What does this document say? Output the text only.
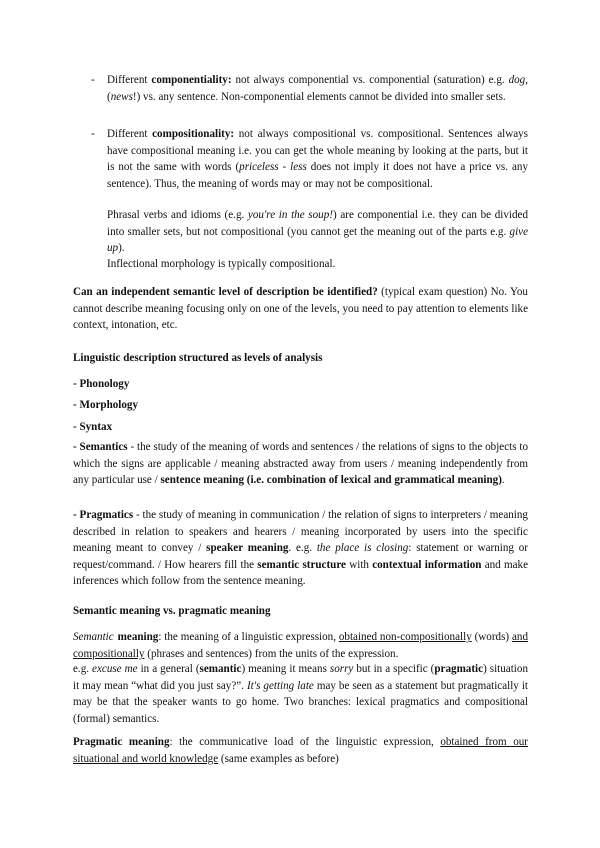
- Different componentiality: not always componential vs. componential (saturation) e.g. dog, (news!) vs. any sentence. Non-componential elements cannot be divided into smaller sets.
- Different compositionality: not always compositional vs. compositional. Sentences always have compositional meaning i.e. you can get the whole meaning by looking at the parts, but it is not the same with words (priceless - less does not imply it does not have a price vs. any sentence). Thus, the meaning of words may or may not be compositional.
Phrasal verbs and idioms (e.g. you're in the soup!) are componential i.e. they can be divided into smaller sets, but not compositional (you cannot get the meaning out of the parts e.g. give up).
Inflectional morphology is typically compositional.
Can an independent semantic level of description be identified? (typical exam question) No. You cannot describe meaning focusing only on one of the levels, you need to pay attention to elements like context, intonation, etc.
Linguistic description structured as levels of analysis
- Phonology
- Morphology
- Syntax
- Semantics - the study of the meaning of words and sentences / the relations of signs to the objects to which the signs are applicable / meaning abstracted away from users / meaning independently from any particular use / sentence meaning (i.e. combination of lexical and grammatical meaning).
- Pragmatics - the study of meaning in communication / the relation of signs to interpreters / meaning described in relation to speakers and hearers / meaning incorporated by users into the specific meaning meant to convey / speaker meaning. e.g. the place is closing: statement or warning or request/command. / How hearers fill the semantic structure with contextual information and make inferences which follow from the sentence meaning.
Semantic meaning vs. pragmatic meaning
Semantic meaning: the meaning of a linguistic expression, obtained non-compositionally (words) and compositionally (phrases and sentences) from the units of the expression.
e.g. excuse me in a general (semantic) meaning it means sorry but in a specific (pragmatic) situation it may mean “what did you just say?”. It's getting late may be seen as a statement but pragmatically it may be that the speaker wants to go home. Two branches: lexical pragmatics and compositional (formal) semantics.
Pragmatic meaning: the communicative load of the linguistic expression, obtained from our situational and world knowledge (same examples as before)
